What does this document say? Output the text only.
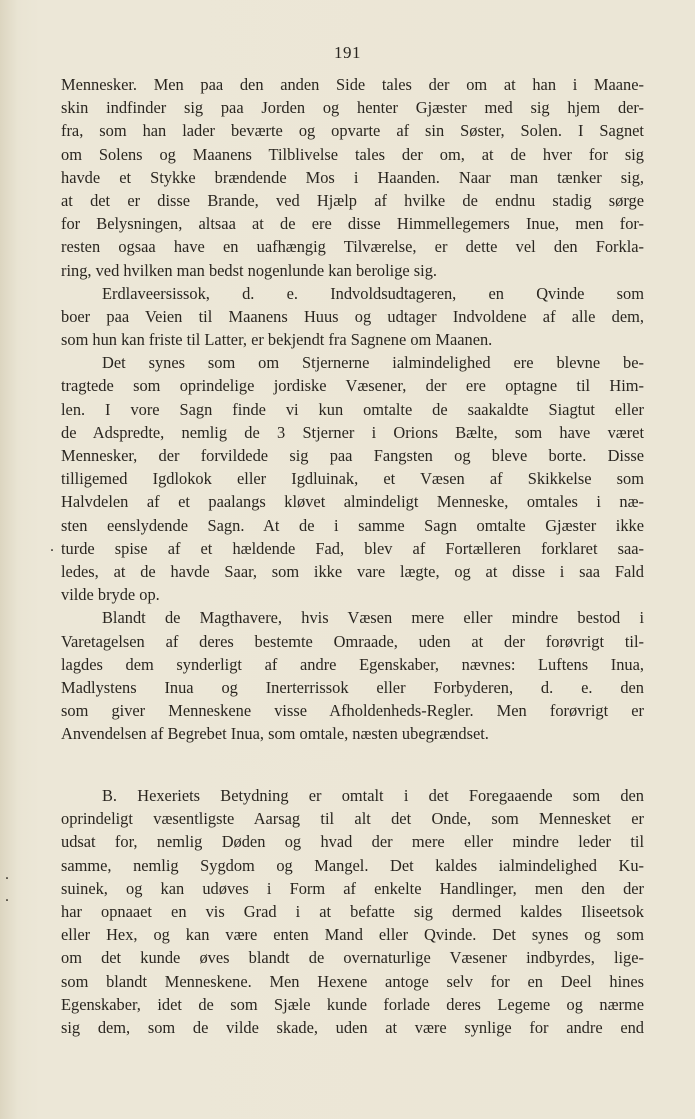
191
.
.
.
Mennesker. Men paa den anden Side tales der om at han i Maane-
skin indfinder sig paa Jorden og henter Gjæster med sig hjem der-
fra, som han lader beværte og opvarte af sin Søster, Solen. I Sagnet
om Solens og Maanens Tilblivelse tales der om, at de hver for sig
havde et Stykke brændende Mos i Haanden. Naar man tænker sig,
at det er disse Brande, ved Hjælp af hvilke de endnu stadig sørge
for Belysningen, altsaa at de ere disse Himmellegemers Inue, men for-
resten ogsaa have en uafhængig Tilværelse, er dette vel den Forkla-
ring, ved hvilken man bedst nogenlunde kan berolige sig.
Erdlaveersissok, d. e. Indvoldsudtageren, en Qvinde som
boer paa Veien til Maanens Huus og udtager Indvoldene af alle dem,
som hun kan friste til Latter, er bekjendt fra Sagnene om Maanen.
Det synes som om Stjernerne ialmindelighed ere blevne be-
tragtede som oprindelige jordiske Væsener, der ere optagne til Him-
len. I vore Sagn finde vi kun omtalte de saakaldte Siagtut eller
de Adspredte, nemlig de 3 Stjerner i Orions Bælte, som have været
Mennesker, der forvildede sig paa Fangsten og bleve borte. Disse
tilligemed Igdlokok eller Igdluinak, et Væsen af Skikkelse som
Halvdelen af et paalangs kløvet almindeligt Menneske, omtales i næ-
sten eenslydende Sagn. At de i samme Sagn omtalte Gjæster ikke
turde spise af et hældende Fad, blev af Fortælleren forklaret saa-
ledes, at de havde Saar, som ikke vare lægte, og at disse i saa Fald
vilde bryde op.
Blandt de Magthavere, hvis Væsen mere eller mindre bestod i
Varetagelsen af deres bestemte Omraade, uden at der forøvrigt til-
lagdes dem synderligt af andre Egenskaber, nævnes: Luftens Inua,
Madlystens Inua og Inerterrissok eller Forbyderen, d. e. den
som giver Menneskene visse Afholdenheds-Regler. Men forøvrigt er
Anvendelsen af Begrebet Inua, som omtale, næsten ubegrændset.
B. Hexeriets Betydning er omtalt i det Foregaaende som den
oprindeligt væsentligste Aarsag til alt det Onde, som Mennesket er
udsat for, nemlig Døden og hvad der mere eller mindre leder til
samme, nemlig Sygdom og Mangel. Det kaldes ialmindelighed Ku-
suinek, og kan udøves i Form af enkelte Handlinger, men den der
har opnaaet en vis Grad i at befatte sig dermed kaldes Iliseetsok
eller Hex, og kan være enten Mand eller Qvinde. Det synes og som
om det kunde øves blandt de overnaturlige Væsener indbyrdes, lige-
som blandt Menneskene. Men Hexene antoge selv for en Deel hines
Egenskaber, idet de som Sjæle kunde forlade deres Legeme og nærme
sig dem, som de vilde skade, uden at være synlige for andre end
